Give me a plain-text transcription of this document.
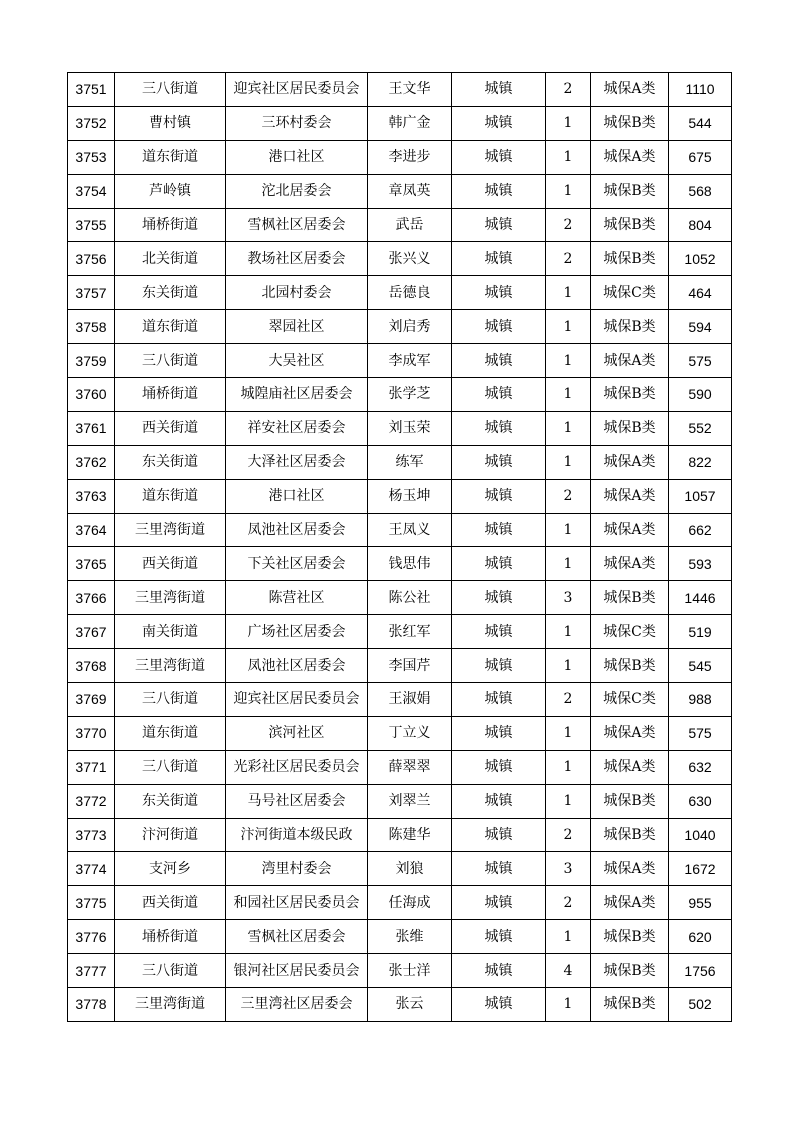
3751	三八街道	迎宾社区居民委员会	王文华	城镇	2	城保A类	1110
3752	曹村镇	三环村委会	韩广金	城镇	1	城保B类	544
3753	道东街道	港口社区	李进步	城镇	1	城保A类	675
3754	芦岭镇	沱北居委会	章凤英	城镇	1	城保B类	568
3755	埇桥街道	雪枫社区居委会	武岳	城镇	2	城保B类	804
3756	北关街道	教场社区居委会	张兴义	城镇	2	城保B类	1052
3757	东关街道	北园村委会	岳德良	城镇	1	城保C类	464
3758	道东街道	翠园社区	刘启秀	城镇	1	城保B类	594
3759	三八街道	大吴社区	李成军	城镇	1	城保A类	575
3760	埇桥街道	城隍庙社区居委会	张学芝	城镇	1	城保B类	590
3761	西关街道	祥安社区居委会	刘玉荣	城镇	1	城保B类	552
3762	东关街道	大泽社区居委会	练军	城镇	1	城保A类	822
3763	道东街道	港口社区	杨玉坤	城镇	2	城保A类	1057
3764	三里湾街道	凤池社区居委会	王凤义	城镇	1	城保A类	662
3765	西关街道	下关社区居委会	钱思伟	城镇	1	城保A类	593
3766	三里湾街道	陈营社区	陈公社	城镇	3	城保B类	1446
3767	南关街道	广场社区居委会	张红军	城镇	1	城保C类	519
3768	三里湾街道	凤池社区居委会	李国芹	城镇	1	城保B类	545
3769	三八街道	迎宾社区居民委员会	王淑娟	城镇	2	城保C类	988
3770	道东街道	滨河社区	丁立义	城镇	1	城保A类	575
3771	三八街道	光彩社区居民委员会	薛翠翠	城镇	1	城保A类	632
3772	东关街道	马号社区居委会	刘翠兰	城镇	1	城保B类	630
3773	汴河街道	汴河街道本级民政	陈建华	城镇	2	城保B类	1040
3774	支河乡	湾里村委会	刘狼	城镇	3	城保A类	1672
3775	西关街道	和园社区居民委员会	任海成	城镇	2	城保A类	955
3776	埇桥街道	雪枫社区居委会	张维	城镇	1	城保B类	620
3777	三八街道	银河社区居民委员会	张士洋	城镇	4	城保B类	1756
3778	三里湾街道	三里湾社区居委会	张云	城镇	1	城保B类	502
